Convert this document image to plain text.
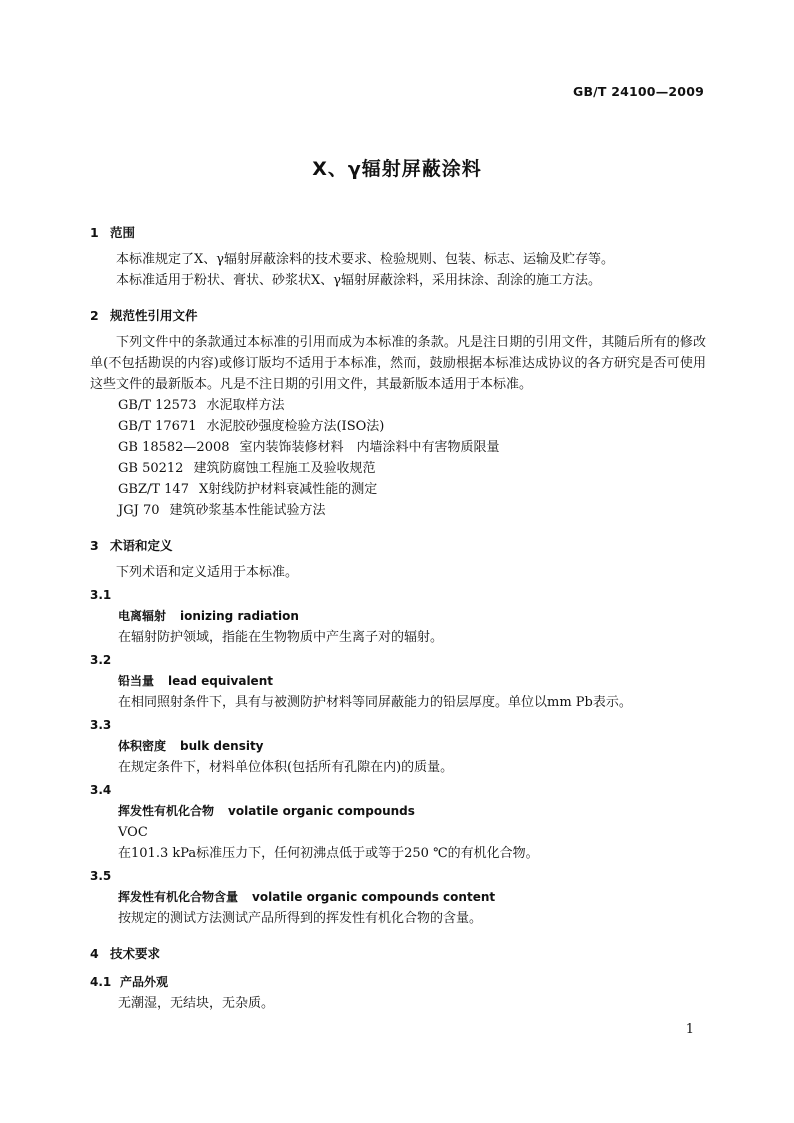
GB/T 24100—2009
X、γ辐射屏蔽涂料
1 范围

本标准规定了X、γ辐射屏蔽涂料的技术要求、检验规则、包装、标志、运输及贮存等。

本标准适用于粉状、膏状、砂浆状X、γ辐射屏蔽涂料，采用抹涂、刮涂的施工方法。

2 规范性引用文件

下列文件中的条款通过本标准的引用而成为本标准的条款。凡是注日期的引用文件，其随后所有的修改单(不包括勘误的内容)或修订版均不适用于本标准，然而，鼓励根据本标准达成协议的各方研究是否可使用这些文件的最新版本。凡是不注日期的引用文件，其最新版本适用于本标准。

GB/T 12573 水泥取样方法

GB/T 17671 水泥胶砂强度检验方法(ISO法)

GB 18582—2008 室内装饰装修材料　内墙涂料中有害物质限量

GB 50212 建筑防腐蚀工程施工及验收规范

GBZ/T 147 X射线防护材料衰减性能的测定

JGJ 70 建筑砂浆基本性能试验方法

3 术语和定义

下列术语和定义适用于本标准。

3.1
电离辐射 ionizing radiation

在辐射防护领域，指能在生物物质中产生离子对的辐射。

3.2
铅当量 lead equivalent

在相同照射条件下，具有与被测防护材料等同屏蔽能力的铅层厚度。单位以mm Pb表示。

3.3
体积密度 bulk density

在规定条件下，材料单位体积(包括所有孔隙在内)的质量。

3.4
挥发性有机化合物 volatile organic compounds

VOC

在101.3 kPa标准压力下，任何初沸点低于或等于250 ℃的有机化合物。

3.5
挥发性有机化合物含量 volatile organic compounds content

按规定的测试方法测试产品所得到的挥发性有机化合物的含量。

4 技术要求
4.1 产品外观

无潮湿，无结块，无杂质。

1
